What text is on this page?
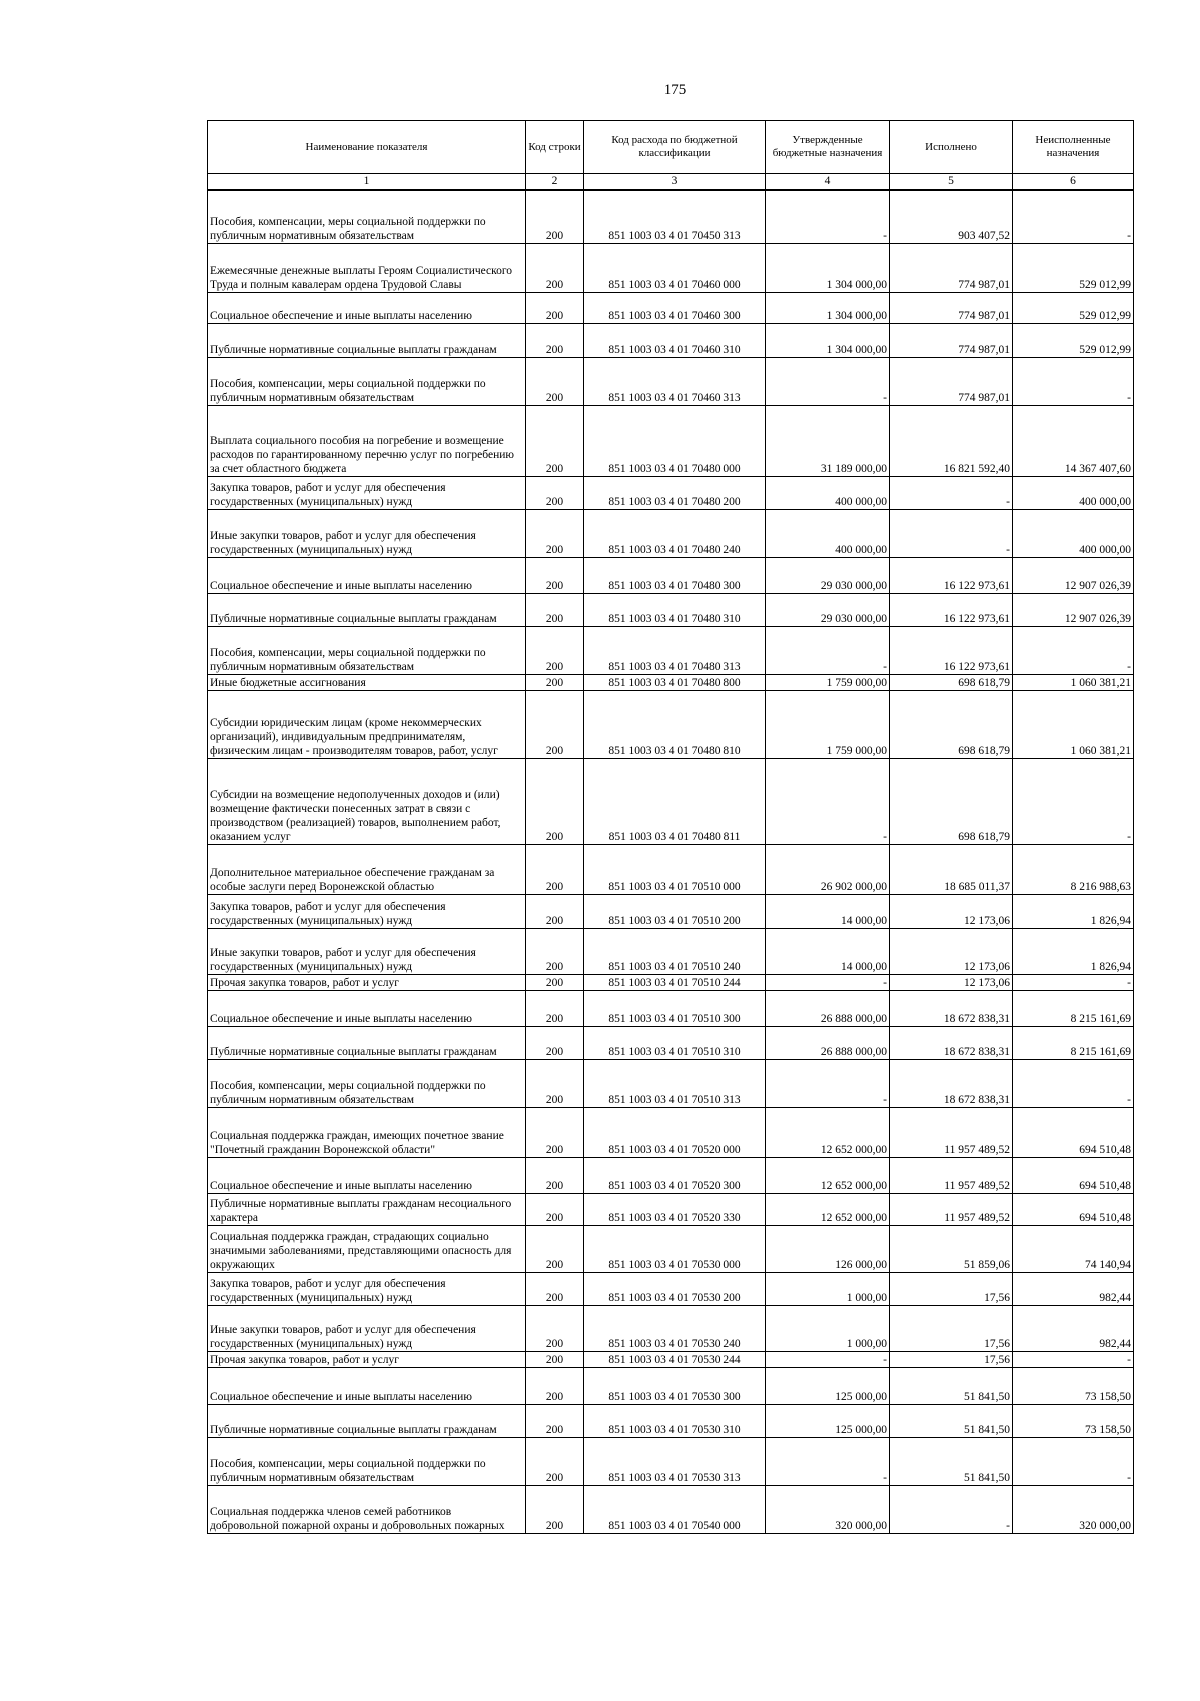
175
Наименование показателя	Код строки	Код расхода по бюджетной классификации	Утвержденные бюджетные назначения	Исполнено	Неисполненные назначения
1	2	3	4	5	6
Пособия, компенсации, меры социальной поддержки по публичным нормативным обязательствам	200	851 1003 03 4 01 70450 313	-	903 407,52	-
Ежемесячные денежные выплаты Героям Социалистического Труда и полным кавалерам ордена Трудовой Славы	200	851 1003 03 4 01 70460 000	1 304 000,00	774 987,01	529 012,99
Социальное обеспечение и иные выплаты населению	200	851 1003 03 4 01 70460 300	1 304 000,00	774 987,01	529 012,99
Публичные нормативные социальные выплаты гражданам	200	851 1003 03 4 01 70460 310	1 304 000,00	774 987,01	529 012,99
Пособия, компенсации, меры социальной поддержки по публичным нормативным обязательствам	200	851 1003 03 4 01 70460 313	-	774 987,01	-
Выплата социального пособия на погребение и возмещение расходов по гарантированному перечню услуг по погребению за счет областного бюджета	200	851 1003 03 4 01 70480 000	31 189 000,00	16 821 592,40	14 367 407,60
Закупка товаров, работ и услуг для обеспечения государственных (муниципальных) нужд	200	851 1003 03 4 01 70480 200	400 000,00	-	400 000,00
Иные закупки товаров, работ и услуг для обеспечения государственных (муниципальных) нужд	200	851 1003 03 4 01 70480 240	400 000,00	-	400 000,00
Социальное обеспечение и иные выплаты населению	200	851 1003 03 4 01 70480 300	29 030 000,00	16 122 973,61	12 907 026,39
Публичные нормативные социальные выплаты гражданам	200	851 1003 03 4 01 70480 310	29 030 000,00	16 122 973,61	12 907 026,39
Пособия, компенсации, меры социальной поддержки по публичным нормативным обязательствам	200	851 1003 03 4 01 70480 313	-	16 122 973,61	-
Иные бюджетные ассигнования	200	851 1003 03 4 01 70480 800	1 759 000,00	698 618,79	1 060 381,21
Субсидии юридическим лицам (кроме некоммерческих организаций), индивидуальным предпринимателям, физическим лицам - производителям товаров, работ, услуг	200	851 1003 03 4 01 70480 810	1 759 000,00	698 618,79	1 060 381,21
Субсидии на возмещение недополученных доходов и (или) возмещение фактически понесенных затрат в связи с производством (реализацией) товаров, выполнением работ, оказанием услуг	200	851 1003 03 4 01 70480 811	-	698 618,79	-
Дополнительное материальное обеспечение гражданам за особые заслуги перед Воронежской областью	200	851 1003 03 4 01 70510 000	26 902 000,00	18 685 011,37	8 216 988,63
Закупка товаров, работ и услуг для обеспечения государственных (муниципальных) нужд	200	851 1003 03 4 01 70510 200	14 000,00	12 173,06	1 826,94
Иные закупки товаров, работ и услуг для обеспечения государственных (муниципальных) нужд	200	851 1003 03 4 01 70510 240	14 000,00	12 173,06	1 826,94
Прочая закупка товаров, работ и услуг	200	851 1003 03 4 01 70510 244	-	12 173,06	-
Социальное обеспечение и иные выплаты населению	200	851 1003 03 4 01 70510 300	26 888 000,00	18 672 838,31	8 215 161,69
Публичные нормативные социальные выплаты гражданам	200	851 1003 03 4 01 70510 310	26 888 000,00	18 672 838,31	8 215 161,69
Пособия, компенсации, меры социальной поддержки по публичным нормативным обязательствам	200	851 1003 03 4 01 70510 313	-	18 672 838,31	-
Социальная поддержка граждан, имеющих почетное звание "Почетный гражданин Воронежской области"	200	851 1003 03 4 01 70520 000	12 652 000,00	11 957 489,52	694 510,48
Социальное обеспечение и иные выплаты населению	200	851 1003 03 4 01 70520 300	12 652 000,00	11 957 489,52	694 510,48
Публичные нормативные выплаты гражданам несоциального характера	200	851 1003 03 4 01 70520 330	12 652 000,00	11 957 489,52	694 510,48
Социальная поддержка граждан, страдающих социально значимыми заболеваниями, представляющими опасность для окружающих	200	851 1003 03 4 01 70530 000	126 000,00	51 859,06	74 140,94
Закупка товаров, работ и услуг для обеспечения государственных (муниципальных) нужд	200	851 1003 03 4 01 70530 200	1 000,00	17,56	982,44
Иные закупки товаров, работ и услуг для обеспечения государственных (муниципальных) нужд	200	851 1003 03 4 01 70530 240	1 000,00	17,56	982,44
Прочая закупка товаров, работ и услуг	200	851 1003 03 4 01 70530 244	-	17,56	-
Социальное обеспечение и иные выплаты населению	200	851 1003 03 4 01 70530 300	125 000,00	51 841,50	73 158,50
Публичные нормативные социальные выплаты гражданам	200	851 1003 03 4 01 70530 310	125 000,00	51 841,50	73 158,50
Пособия, компенсации, меры социальной поддержки по публичным нормативным обязательствам	200	851 1003 03 4 01 70530 313	-	51 841,50	-
Социальная поддержка членов семей работников добровольной пожарной охраны и добровольных пожарных	200	851 1003 03 4 01 70540 000	320 000,00	-	320 000,00
